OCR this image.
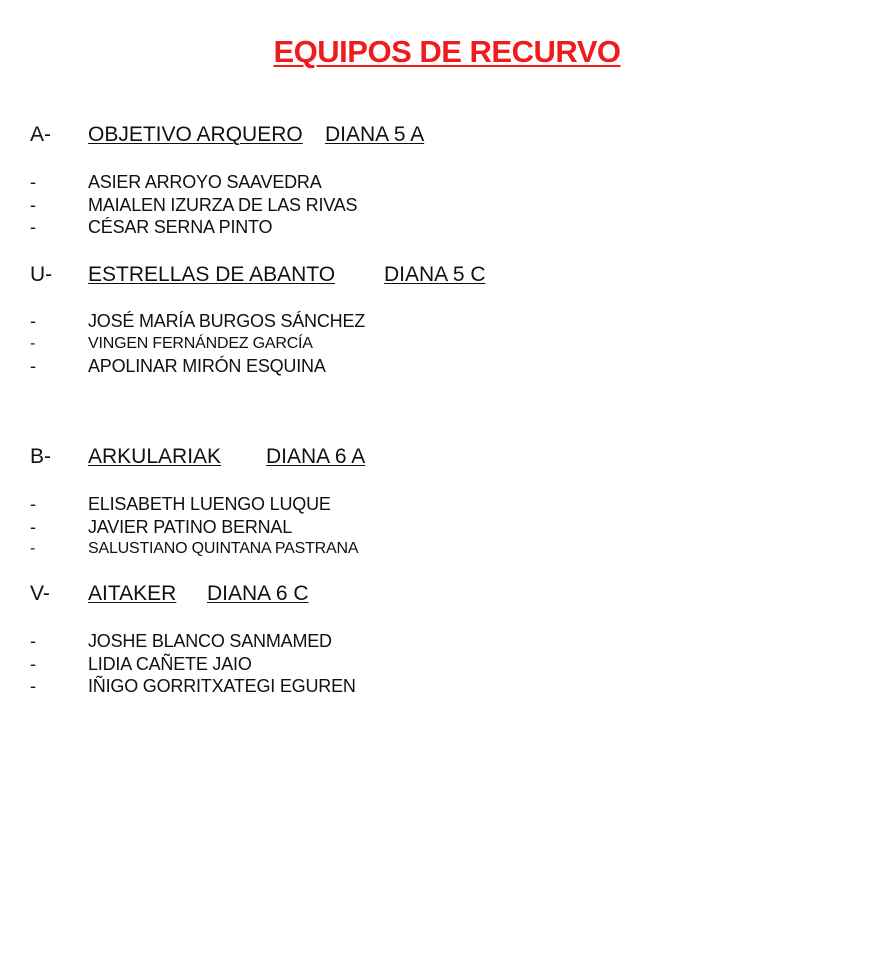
EQUIPOS DE RECURVO
A- OBJETIVO ARQUERO DIANA 5 A
-	ASIER ARROYO SAAVEDRA
-	MAIALEN IZURZA DE LAS RIVAS
-	CÉSAR SERNA PINTO
U- ESTRELLAS DE ABANTO DIANA 5 C
-	JOSÉ MARÍA BURGOS SÁNCHEZ
-	VINGEN FERNÁNDEZ GARCÍA
-	APOLINAR MIRÓN ESQUINA
B- ARKULARIAK DIANA 6 A
-	ELISABETH LUENGO LUQUE
-	JAVIER PATINO BERNAL
-	SALUSTIANO QUINTANA PASTRANA
V- AITAKER DIANA 6 C
-	JOSHE BLANCO SANMAMED
-	LIDIA CAÑETE JAIO
-	IÑIGO GORRITXATEGI EGUREN
